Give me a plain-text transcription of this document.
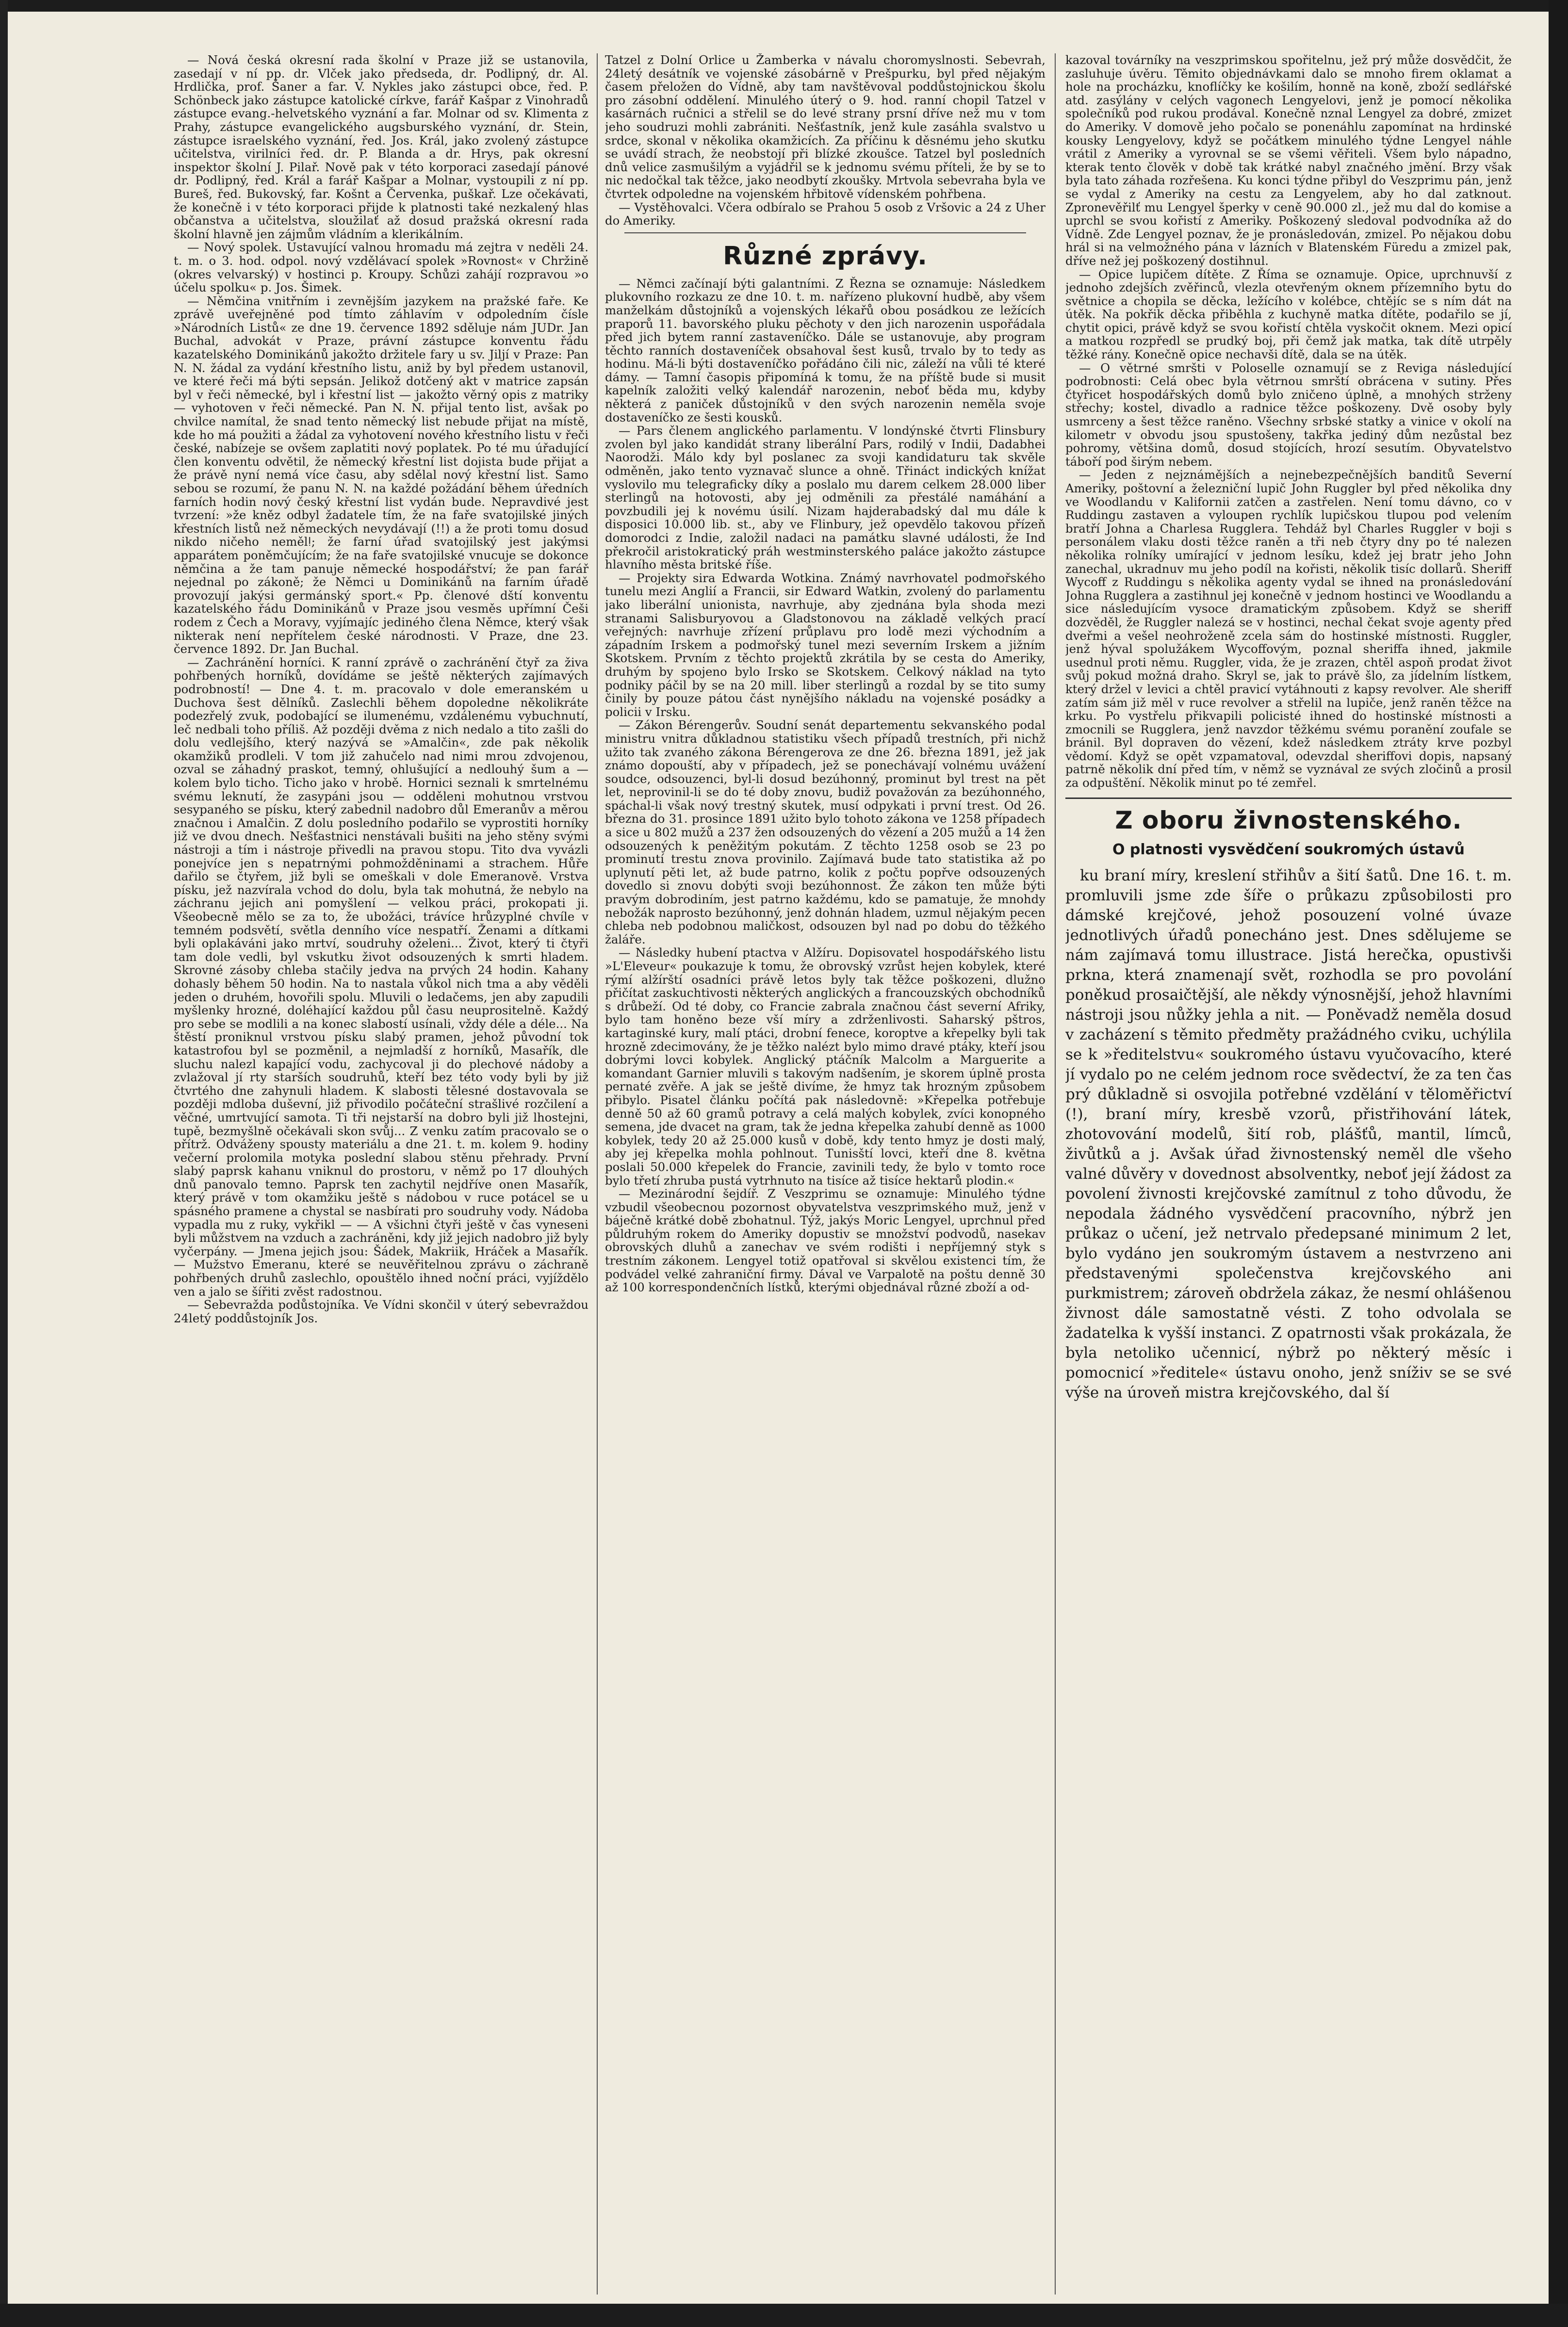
— Nová česká okresní rada školní v Praze již se ustanovila, zasedají v ní pp. dr. Vlček jako předseda, dr. Podlipný, dr. Al. Hrdlička, prof. Šaner a far. V. Nykles jako zástupci obce, řed. P. Schönbeck jako zástupce katolické církve, farář Kašpar z Vinohradů zástupce evang.-helvetského vyznání a far. Molnar od sv. Klimenta z Prahy, zástupce evangelického augsburského vyznání, dr. Stein, zástupce israelského vyznání, řed. Jos. Král, jako zvolený zástupce učitelstva, virilníci řed. dr. P. Blanda a dr. Hrys, pak okresní inspektor školní J. Pilař. Nově pak v této korporaci zasedají pánové dr. Podlipný, řed. Král a farář Kašpar a Molnar, vystoupili z ní pp. Bureš, řed. Bukovský, far. Košnt a Červenka, puškař. Lze očekávati, že konečně i v této korporaci přijde k platnosti také nezkalený hlas občanstva a učitelstva, sloužilať až dosud pražská okresní rada školní hlavně jen zájmům vládním a klerikálním.

— Nový spolek. Ustavující valnou hromadu má zejtra v neděli 24. t. m. o 3. hod. odpol. nový vzdělávací spolek »Rovnost« v Chržině (okres velvarský) v hostinci p. Kroupy. Schůzi zahájí rozpravou »o účelu spolku« p. Jos. Šimek.

— Němčina vnitřním i zevnějším jazykem na pražské faře. Ke zprávě uveřejněné pod tímto záhlavím v odpoledním čísle »Národních Listů« ze dne 19. července 1892 sděluje nám JUDr. Jan Buchal, advokát v Praze, právní zástupce konventu řádu kazatelského Dominikánů jakožto držitele fary u sv. Jiljí v Praze: Pan N. N. žádal za vydání křestního listu, aniž by byl předem ustanovil, ve které řeči má býti sepsán. Jelikož dotčený akt v matrice zapsán byl v řeči německé, byl i křestní list — jakožto věrný opis z matriky — vyhotoven v řeči německé. Pan N. N. přijal tento list, avšak po chvilce namítal, že snad tento německý list nebude přijat na místě, kde ho má použiti a žádal za vyhotovení nového křestního listu v řeči české, nabízeje se ovšem zaplatiti nový poplatek. Po té mu úřadující člen konventu odvětil, že německý křestní list dojista bude přijat a že právě nyní nemá více času, aby sdělal nový křestní list. Samo sebou se rozumí, že panu N. N. na každé požádání během úředních farních hodin nový český křestní list vydán bude. Nepravdivé jest tvrzení: »že kněz odbyl žadatele tím, že na faře svatojilské jiných křestních listů než německých nevydávají (!!) a že proti tomu dosud nikdo ničeho nemělǃ; že farní úřad svatojilský jest jakýmsi apparátem poněmčujícím; že na faře svatojilské vnucuje se dokonce němčina a že tam panuje německé hospodářství; že pan farář nejednal po zákoně; že Němci u Dominikánů na farním úřadě provozují jakýsi germánský sport.« Pp. členové dští konventu kazatelského řádu Dominikánů v Praze jsou vesměs upřímní Češi rodem z Čech a Moravy, vyjímajíc jediného člena Němce, který však nikterak není nepřítelem české národnosti. V Praze, dne 23. července 1892. Dr. Jan Buchal.

— Zachránění horníci. K ranní zprávě o zachránění čtyř za živa pohřbených horníků, dovídáme se ještě některých zajímavých podrobností! — Dne 4. t. m. pracovalo v dole emeranském u Duchova šest dělníků. Zaslechli během dopoledne několikráte podezřelý zvuk, podobající se ilumenému, vzdálenému vybuchnutí, leč nedbali toho příliš. Až později dvěma z nich nedalo a tito zašli do dolu vedlejšího, který nazývá se »Amalčin«, zde pak několik okamžiků prodleli. V tom již zahučelo nad nimi mrou zdvojenou, ozval se záhadný praskot, temný, ohlušující a nedlouhý šum a — kolem bylo ticho. Ticho jako v hrobě. Hornici seznali k smrtelnému svému leknutí, že zasypáni jsou — odděleni mohutnou vrstvou sesypaného se písku, který zabednil nadobro důl Emeranův a měrou značnou i Amalčin. Z dolu posledního podařilo se vyprostiti horníky již ve dvou dnech. Nešťastnici nenstávali bušiti na jeho stěny svými nástroji a tím i nástroje přivedli na pravou stopu. Tito dva vyvázli ponejvíce jen s nepatrnými pohmožděninami a strachem. Hůře dařilo se čtyřem, již byli se omeškali v dole Emeranově. Vrstva písku, jež nazvírala vchod do dolu, byla tak mohutná, že nebylo na záchranu jejich ani pomyšlení — velkou práci, prokopati ji. Všeobecně mělo se za to, že ubožáci, trávíce hrůzyplné chvíle v temném podsvětí, světla denního více nespatří. Ženami a dítkami byli oplakáváni jako mrtví, soudruhy oželeni... Život, který ti čtyři tam dole vedli, byl vskutku život odsouzených k smrti hladem. Skrovné zásoby chleba stačily jedva na prvých 24 hodin. Kahany dohasly během 50 hodin. Na to nastala vůkol nich tma a aby věděli jeden o druhém, hovořili spolu. Mluvili o ledačems, jen aby zapudili myšlenky hrozné, doléhající každou půl času neuprositelně. Každý pro sebe se modlili a na konec slabostí usínali, vždy déle a déle... Na štěstí proniknul vrstvou písku slabý pramen, jehož původní tok katastrofou byl se pozměnil, a nejmladší z horníků, Masařík, dle sluchu nalezl kapající vodu, zachycoval ji do plechové nádoby a zvlažoval jí rty starších soudruhů, kteří bez této vody byli by již čtvrtého dne zahynuli hladem. K slabosti tělesné dostavovala se později mdloba duševní, již přivodilo počáteční strašlivé rozčilení a věčné, umrtvující samota. Ti tři nejstarší na dobro byli již lhostejni, tupě, bezmyšlně očekávali skon svůj... Z venku zatím pracovalo se o přítrž. Odváženy spousty materiálu a dne 21. t. m. kolem 9. hodiny večerní prolomila motyka poslední slabou stěnu přehrady. První slabý paprsk kahanu vniknul do prostoru, v němž po 17 dlouhých dnů panovalo temno. Paprsk ten zachytil nejdříve onen Masařík, který právě v tom okamžiku ještě s nádobou v ruce potácel se u spásného pramene a chystal se nasbírati pro soudruhy vody. Nádoba vypadla mu z ruky, vykřikl — — A všichni čtyři ještě v čas vyneseni byli můžstvem na vzduch a zachráněni, kdy již jejich nadobro již byly vyčerpány. — Jmena jejich jsou: Šádek, Makriik, Hráček a Masařík. — Mužstvo Emeranu, které se neuvěřitelnou zprávu o záchraně pohřbených druhů zaslechlo, opouštělo ihned noční práci, vyjíždělo ven a jalo se šířiti zvěst radostnou.

— Sebevražda podůstojníka. Ve Vídni skončil v úterý sebevraždou 24letý poddůstojník Jos.

Tatzel z Dolní Orlice u Žamberka v návalu choromyslnosti. Sebevrah, 24letý desátník ve vojenské zásobárně v Prešpurku, byl před nějakým časem přeložen do Vídně, aby tam navštěvoval poddůstojnickou školu pro zásobní oddělení. Minulého úterý o 9. hod. ranní chopil Tatzel v kasárnách ručnici a střelil se do levé strany prsní dříve než mu v tom jeho soudruzi mohli zabrániti. Nešťastník, jenž kule zasáhla svalstvo u srdce, skonal v několika okamžicích. Za příčinu k děsnému jeho skutku se uvádí strach, že neobstojí při blízké zkoušce. Tatzel byl posledních dnů velice zasmušilým a vyjádřil se k jednomu svému příteli, že by se to nic nedočkal tak těžce, jako neodbytí zkoušky. Mrtvola sebevraha byla ve čtvrtek odpoledne na vojenském hřbitově vídenském pohřbena.

— Vystěhovalci. Včera odbíralo se Prahou 5 osob z Vršovic a 24 z Uher do Ameriky.

Různé zprávy.

— Němci začínají býti galantními. Z Řezna se oznamuje: Následkem plukovního rozkazu ze dne 10. t. m. nařízeno plukovní hudbě, aby všem manželkám důstojníků a vojenských lékařů obou posádkou ze ležících praporů 11. bavorského pluku pěchoty v den jich narozenin uspořádala před jich bytem ranní zastaveníčko. Dále se ustanovuje, aby program těchto ranních dostaveníček obsahoval šest kusů, trvalo by to tedy as hodinu. Má-li býti dostaveníčko pořádáno čili nic, záleží na vůli té které dámy. — Tamní časopis připomíná k tomu, že na příště bude si musit kapelník založiti velký kalendář narozenin, neboť běda mu, kdyby některá z paniček důstojníků v den svých narozenin neměla svoje dostaveníčko ze šesti kousků.

— Pars členem anglického parlamentu. V londýnské čtvrti Flinsbury zvolen byl jako kandidát strany liberální Pars, rodilý v Indii, Dadabhei Naorodži. Málo kdy byl poslanec za svoji kandidaturu tak skvěle odměněn, jako tento vyznavač slunce a ohně. Třináct indických knížat vyslovilo mu telegraficky díky a poslalo mu darem celkem 28.000 liber sterlingů na hotovosti, aby jej odměnili za přestálé namáhání a povzbudili jej k novému úsilí. Nizam hajderabadský dal mu dále k disposici 10.000 lib. st., aby ve Flinbury, jež opevdělo takovou přízeň domorodci z Indie, založil nadaci na památku slavné události, že Ind překročil aristokratický práh westminsterského paláce jakožto zástupce hlavního města britské říše.

— Projekty sira Edwarda Wotkina. Známý navrhovatel podmořského tunelu mezi Anglií a Francii, sir Edward Watkin, zvolený do parlamentu jako liberální unionista, navrhuje, aby zjednána byla shoda mezi stranami Salisburyovou a Gladstonovou na základě velkých prací veřejných: navrhuje zřízení průplavu pro lodě mezi východním a západním Irskem a podmořský tunel mezi severním Irskem a jižním Skotskem. Prvním z těchto projektů zkrátila by se cesta do Ameriky, druhým by spojeno bylo Irsko se Skotskem. Celkový náklad na tyto podniky páčil by se na 20 mill. liber sterlingů a rozdal by se tito sumy činily by pouze pátou část nynějšího nákladu na vojenské posádky a policii v Irsku.

— Zákon Bérengerův. Soudní senát departementu sekvanského podal ministru vnitra důkladnou statistiku všech případů trestních, při nichž užito tak zvaného zákona Bérengerova ze dne 26. března 1891, jež jak známo dopouští, aby v případech, jež se ponechávají volnému uvážení soudce, odsouzenci, byl-li dosud bezúhonný, prominut byl trest na pět let, neprovinil-li se do té doby znovu, budiž považován za bezúhonného, spáchal-li však nový trestný skutek, musí odpykati i první trest. Od 26. března do 31. prosince 1891 užito bylo tohoto zákona ve 1258 případech a sice u 802 mužů a 237 žen odsouzených do vězení a 205 mužů a 14 žen odsouzených k peněžitým pokutám. Z těchto 1258 osob se 23 po prominutí trestu znova provinilo. Zajímavá bude tato statistika až po uplynutí pěti let, až bude patrno, kolik z počtu popřve odsouzených dovedlo si znovu dobýti svoji bezúhonnost. Že zákon ten může býti pravým dobrodiním, jest patrno každému, kdo se pamatuje, že mnohdy nebožák naprosto bezúhonný, jenž dohnán hladem, uzmul nějakým pecen chleba neb podobnou maličkost, odsouzen byl nad po dobu do těžkého žaláře.

— Následky hubení ptactva v Alžíru. Dopisovatel hospodářského listu »L'Eleveur« poukazuje k tomu, že obrovský vzrůst hejen kobylek, které rýmí alžírští osadníci právě letos byly tak těžce poškozeni, dlužno přičítat zaskuchtivosti některých anglických a francouzských obchodníků s drůbeží. Od té doby, co Francie zabrala značnou část severní Afriky, bylo tam honěno beze vší míry a zdrženlivosti. Saharský pštros, kartaginské kury, malí ptáci, drobní fenece, koroptve a křepelky byli tak hrozně zdecimovány, že je těžko nalézt bylo mimo dravé ptáky, kteří jsou dobrými lovci kobylek. Anglický ptáčník Malcolm a Marguerite a komandant Garnier mluvili s takovým nadšením, je skorem úplně prosta pernaté zvěře. A jak se ještě divíme, že hmyz tak hrozným způsobem přibylo. Pisatel článku počítá pak následovně: »Křepelka potřebuje denně 50 až 60 gramů potravy a celá malých kobylek, zvíci konopného semena, jde dvacet na gram, tak že jedna křepelka zahubí denně as 1000 kobylek, tedy 20 až 25.000 kusů v době, kdy tento hmyz je dosti malý, aby jej křepelka mohla pohlnout. Tunisští lovci, kteří dne 8. května poslali 50.000 křepelek do Francie, zavinili tedy, že bylo v tomto roce bylo třetí zhruba pustá vytrhnuto na tisíce až tisíce hektarů plodin.«

— Mezinárodní šejdíř. Z Veszprimu se oznamuje: Minulého týdne vzbudil všeobecnou pozornost obyvatelstva veszprimského muž, jenž v báječně krátké době zbohatnul. Týž, jakýs Moric Lengyel, uprchnul před půldruhým rokem do Ameriky dopustiv se množství podvodů, nasekav obrovských dluhů a zanechav ve svém rodišti i nepříjemný styk s trestním zákonem. Lengyel totiž opatřoval si skvělou existenci tím, že podvádel velké zahraniční firmy. Dával ve Varpalotě na poštu denně 30 až 100 korrespondenčních lístků, kterými objednával různé zboží a od-

kazoval továrníky na veszprimskou spořitelnu, jež prý může dosvědčit, že zasluhuje úvěru. Těmito objednávkami dalo se mnoho firem oklamat a hole na procházku, knoflíčky ke košilím, honně na koně, zboží sedlářské atd. zasýlány v celých vagonech Lengyelovi, jenž je pomocí několika společníků pod rukou prodával. Konečně nznal Lengyel za dobré, zmizet do Ameriky. V domově jeho počalo se ponenáhlu zapomínat na hrdinské kousky Lengyelovy, když se počátkem minulého týdne Lengyel náhle vrátil z Ameriky a vyrovnal se se všemi věřiteli. Všem bylo nápadno, kterak tento člověk v době tak krátké nabyl značného jmění. Brzy však byla tato záhada rozřešena. Ku konci týdne přibyl do Veszprimu pán, jenž se vydal z Ameriky na cestu za Lengyelem, aby ho dal zatknout. Zpronevěřilť mu Lengyel šperky v ceně 90.000 zl., jež mu dal do komise a uprchl se svou kořistí z Ameriky. Poškozený sledoval podvodníka až do Vídně. Zde Lengyel poznav, že je pronásledován, zmizel. Po nějakou dobu hrál si na velmožného pána v lázních v Blatenském Füredu a zmizel pak, dříve než jej poškozený dostihnul.

— Opice lupičem dítěte. Z Říma se oznamuje. Opice, uprchnuvší z jednoho zdejších zvěřinců, vlezla otevřeným oknem přízemního bytu do světnice a chopila se děcka, ležícího v kolébce, chtějíc se s ním dát na útěk. Na pokřik děcka přiběhla z kuchyně matka dítěte, podařilo se jí, chytit opici, právě když se svou kořistí chtěla vyskočit oknem. Mezi opicí a matkou rozpředl se prudký boj, při čemž jak matka, tak dítě utrpěly těžké rány. Konečně opice nechavši dítě, dala se na útěk.

— O větrné smršti v Poloselle oznamují se z Reviga následující podrobnosti: Celá obec byla větrnou smrští obrácena v sutiny. Přes čtyřicet hospodářských domů bylo zničeno úplně, a mnohých strženy střechy; kostel, divadlo a radnice těžce poškozeny. Dvě osoby byly usmrceny a šest těžce raněno. Všechny srbské statky a vinice v okolí na kilometr v obvodu jsou spustošeny, takřka jediný dům nezůstal bez pohromy, většina domů, dosud stojících, hrozí sesutím. Obyvatelstvo táboří pod širým nebem.

— Jeden z nejznámějších a nejnebezpečnějších banditů Severní Ameriky, poštovní a železniční lupič John Ruggler byl před několika dny ve Woodlandu v Kalifornii zatčen a zastřelen. Není tomu dávno, co v Ruddingu zastaven a vyloupen rychlík lupičskou tlupou pod velením bratří Johna a Charlesa Rugglera. Tehdáž byl Charles Ruggler v boji s personálem vlaku dosti těžce raněn a tři neb čtyry dny po té nalezen několika rolníky umírající v jednom lesíku, kdež jej bratr jeho John zanechal, ukradnuv mu jeho podíl na kořisti, několik tisíc dollarů. Sheriff Wycoff z Ruddingu s několika agenty vydal se ihned na pronásledování Johna Rugglera a zastihnul jej konečně v jednom hostinci ve Woodlandu a sice následujícím vysoce dramatickým způsobem. Když se sheriff dozvěděl, že Ruggler nalezá se v hostinci, nechal čekat svoje agenty před dveřmi a vešel neohroženě zcela sám do hostinské místnosti. Ruggler, jenž hýval spolužákem Wycoffovým, poznal sheriffa ihned, jakmile usednul proti němu. Ruggler, vida, že je zrazen, chtěl aspoň prodat život svůj pokud možná draho. Skryl se, jak to právě šlo, za jídelním lístkem, který držel v levici a chtěl pravicí vytáhnouti z kapsy revolver. Ale sheriff zatím sám již měl v ruce revolver a střelil na lupiče, jenž raněn těžce na krku. Po vystřelu přikvapili policisté ihned do hostinské místnosti a zmocnili se Rugglera, jenž navzdor těžkému svému poranění zoufale se bránil. Byl dopraven do vězení, kdež následkem ztráty krve pozbyl vědomí. Když se opět vzpamatoval, odevzdal sheriffovi dopis, napsaný patrně několik dní před tím, v němž se vyznával ze svých zločinů a prosil za odpuštění. Několik minut po té zemřel.

Z oboru živnostenského.
O platnosti vysvědčení soukromých ústavů

ku braní míry, kreslení střihův a šití šatů. Dne 16. t. m. promluvili jsme zde šíře o průkazu způsobilosti pro dámské krejčové, jehož posouzení volné úvaze jednotlivých úřadů ponecháno jest. Dnes sdělujeme se nám zajímavá tomu illustrace. Jistá herečka, opustivši prkna, která znamenají svět, rozhodla se pro povolání poněkud prosaičtější, ale někdy výnosnější, jehož hlavními nástroji jsou nůžky jehla a nit. — Poněvadž neměla dosud v zacházení s těmito předměty pražádného cviku, uchýlila se k »ředitelstvu« soukromého ústavu vyučovacího, které jí vydalo po ne celém jednom roce svědectví, že za ten čas prý důkladně si osvojila potřebné vzdělání v těloměřictví (!), braní míry, kresbě vzorů, přistřihování látek, zhotovování modelů, šití rob, plášťů, mantil, límců, živůtků a j. Avšak úřad živnostenský neměl dle všeho valné důvěry v dovednost absolventky, neboť její žádost za povolení živnosti krejčovské zamítnul z toho důvodu, že nepodala žádného vysvědčení pracovního, nýbrž jen průkaz o učení, jež netrvalo předepsané minimum 2 let, bylo vydáno jen soukromým ústavem a nestvrzeno ani představenými společenstva krejčovského ani purkmistrem; zároveň obdržela zákaz, že nesmí ohlášenou živnost dále samostatně vésti. Z toho odvolala se žadatelka k vyšší instanci. Z opatrnosti však prokázala, že byla netoliko učennicí, nýbrž po některý měsíc i pomocnicí »ředitele« ústavu onoho, jenž sníživ se se své výše na úroveň mistra krejčovského, dal ší
